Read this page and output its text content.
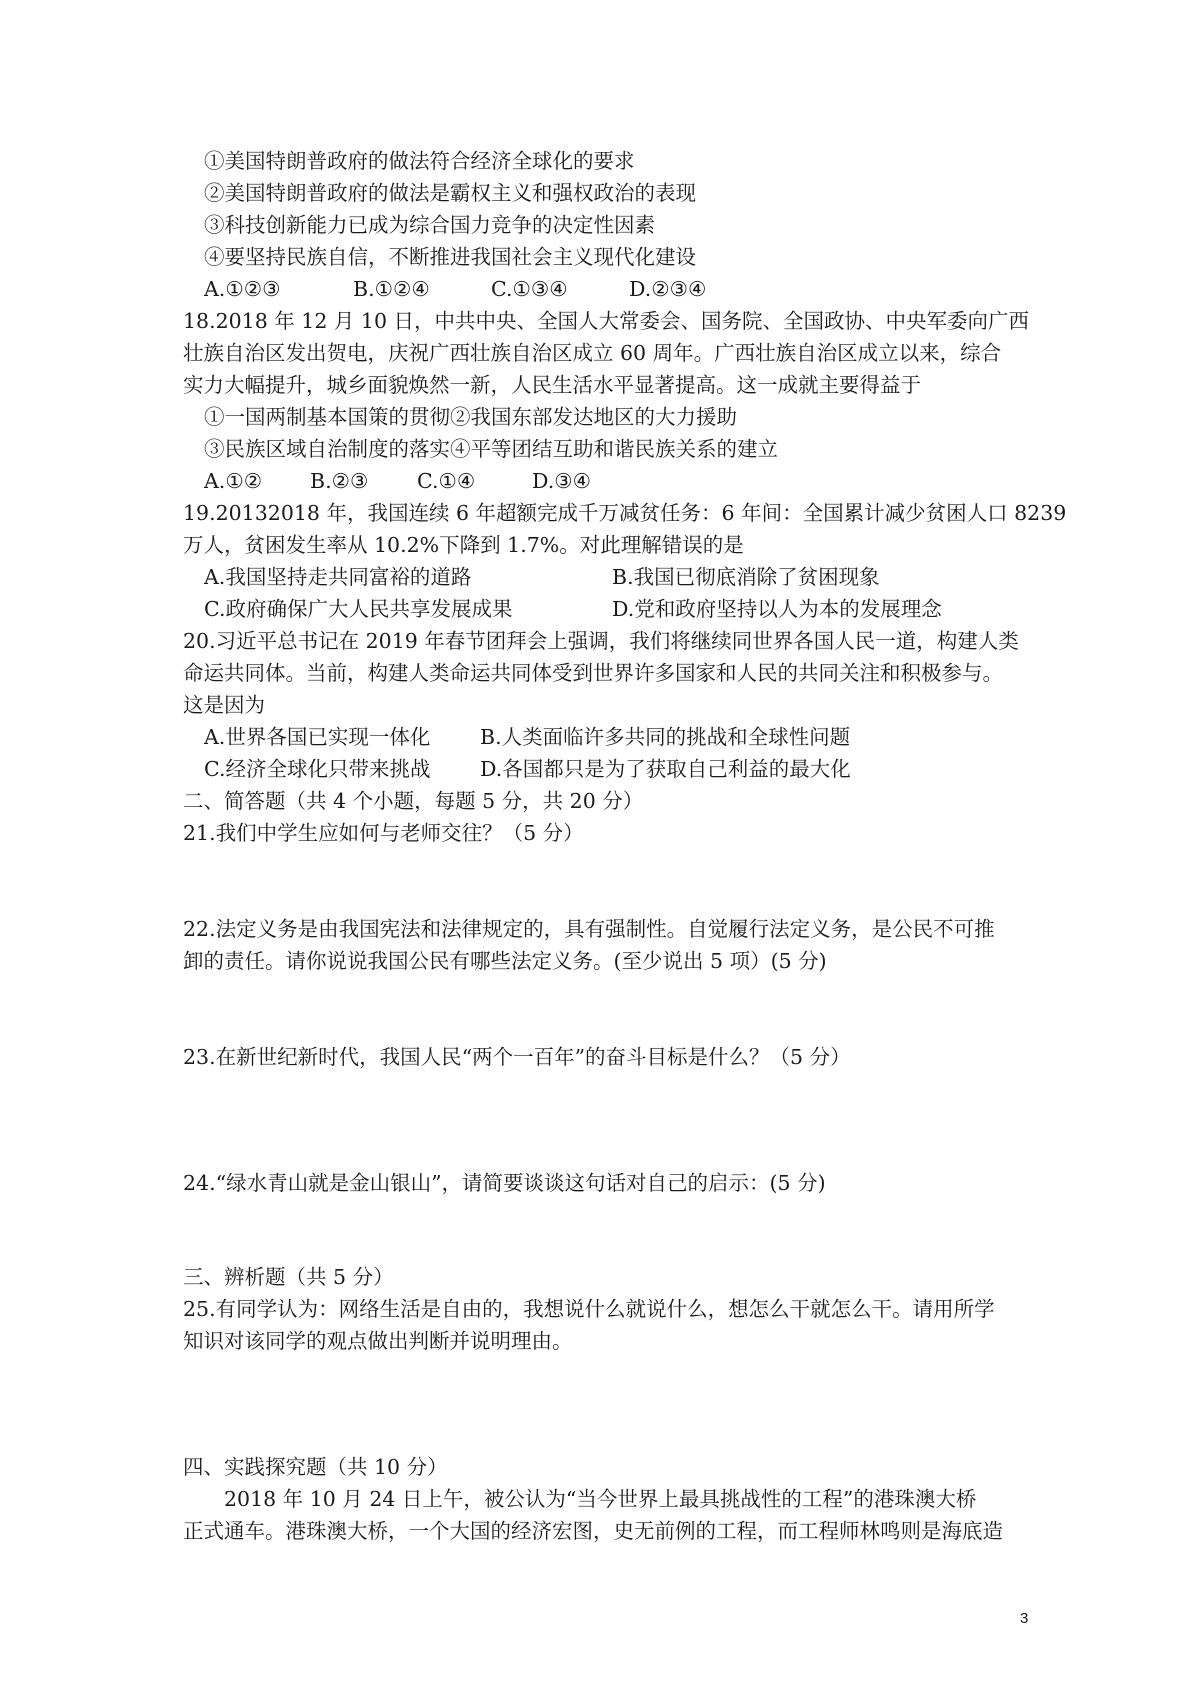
①美国特朗普政府的做法符合经济全球化的要求
②美国特朗普政府的做法是霸权主义和强权政治的表现
③科技创新能力已成为综合国力竞争的决定性因素
④要坚持民族自信，不断推进我国社会主义现代化建设
A.①②③	B.①②④	C.①③④	D.②③④
18.2018 年 12 月 10 日，中共中央、全国人大常委会、国务院、全国政协、中央军委向广西
壮族自治区发出贺电，庆祝广西壮族自治区成立 60 周年。广西壮族自治区成立以来，综合
实力大幅提升，城乡面貌焕然一新，人民生活水平显著提高。这一成就主要得益于
①一国两制基本国策的贯彻②我国东部发达地区的大力援助
③民族区域自治制度的落实④平等团结互助和谐民族关系的建立
A.①② B.②③ C.①④	D.③④
19.20132018 年，我国连续 6 年超额完成千万减贫任务：6 年间：全国累计减少贫困人口 8239
万人，贫困发生率从 10.2%下降到 1.7%。对此理解错误的是
A.我国坚持走共同富裕的道路	B.我国已彻底消除了贫困现象
C.政府确保广大人民共享发展成果	D.党和政府坚持以人为本的发展理念
20.习近平总书记在 2019 年春节团拜会上强调，我们将继续同世界各国人民一道，构建人类
命运共同体。当前，构建人类命运共同体受到世界许多国家和人民的共同关注和积极参与。
这是因为
A.世界各国已实现一体化 B.人类面临许多共同的挑战和全球性问题
C.经济全球化只带来挑战 D.各国都只是为了获取自己利益的最大化
二、简答题（共 4 个小题，每题 5 分，共 20 分）
21.我们中学生应如何与老师交往？（5 分）
22.法定义务是由我国宪法和法律规定的，具有强制性。自觉履行法定义务，是公民不可推
卸的责任。请你说说我国公民有哪些法定义务。(至少说出 5 项）(5 分)
23.在新世纪新时代，我国人民“两个一百年”的奋斗目标是什么？（5 分）
24.“绿水青山就是金山银山”，请简要谈谈这句话对自己的启示：(5 分)
三、辨析题（共 5 分）
25.有同学认为：网络生活是自由的，我想说什么就说什么，想怎么干就怎么干。请用所学
知识对该同学的观点做出判断并说明理由。
四、实践探究题（共 10 分）
2018 年 10 月 24 日上午，被公认为“当今世界上最具挑战性的工程”的港珠澳大桥
正式通车。港珠澳大桥，一个大国的经济宏图，史无前例的工程，而工程师林鸣则是海底造
3
